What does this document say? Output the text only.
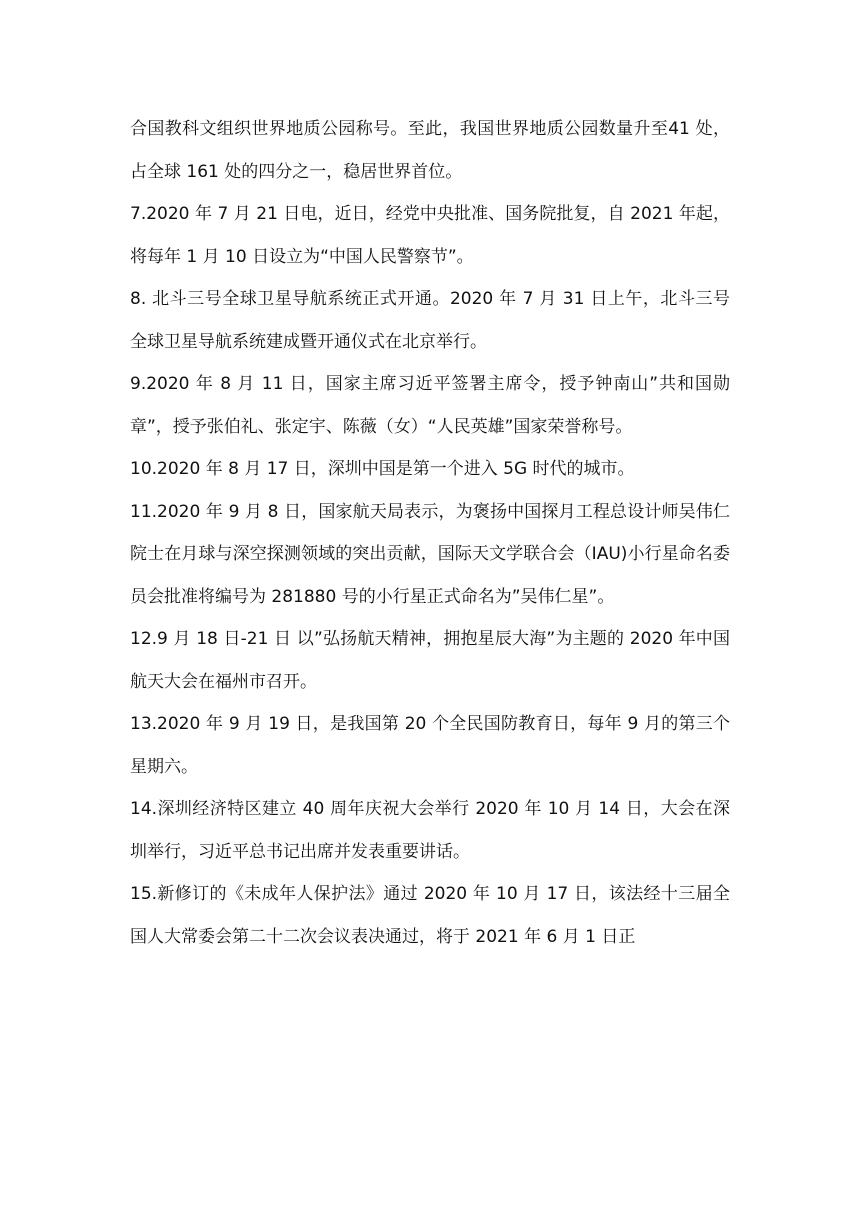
合国教科文组织世界地质公园称号。至此，我国世界地质公园数量升至41 处，占全球 161 处的四分之一，稳居世界首位。

7.2020 年 7 月 21 日电，近日，经党中央批准、国务院批复，自 2021 年起，将每年 1 月 10 日设立为“中国人民警察节”。

8. 北斗三号全球卫星导航系统正式开通。2020 年 7 月 31 日上午，北斗三号全球卫星导航系统建成暨开通仪式在北京举行。

9.2020 年 8 月 11 日，国家主席习近平签署主席令，授予钟南山”共和国勋章”，授予张伯礼、张定宇、陈薇（女）“人民英雄”国家荣誉称号。

10.2020 年 8 月 17 日，深圳中国是第一个进入 5G 时代的城市。

11.2020 年 9 月 8 日，国家航天局表示，为褒扬中国探月工程总设计师吴伟仁院士在月球与深空探测领域的突出贡献，国际天文学联合会（IAU)小行星命名委员会批准将编号为 281880 号的小行星正式命名为”吴伟仁星”。

12.9 月 18 日-21 日 以”弘扬航天精神，拥抱星辰大海”为主题的 2020 年中国航天大会在福州市召开。

13.2020 年 9 月 19 日，是我国第 20 个全民国防教育日，每年 9 月的第三个星期六。

14.深圳经济特区建立 40 周年庆祝大会举行 2020 年 10 月 14 日，大会在深圳举行，习近平总书记出席并发表重要讲话。

15.新修订的《未成年人保护法》通过 2020 年 10 月 17 日，该法经十三届全国人大常委会第二十二次会议表决通过，将于 2021 年 6 月 1 日正
